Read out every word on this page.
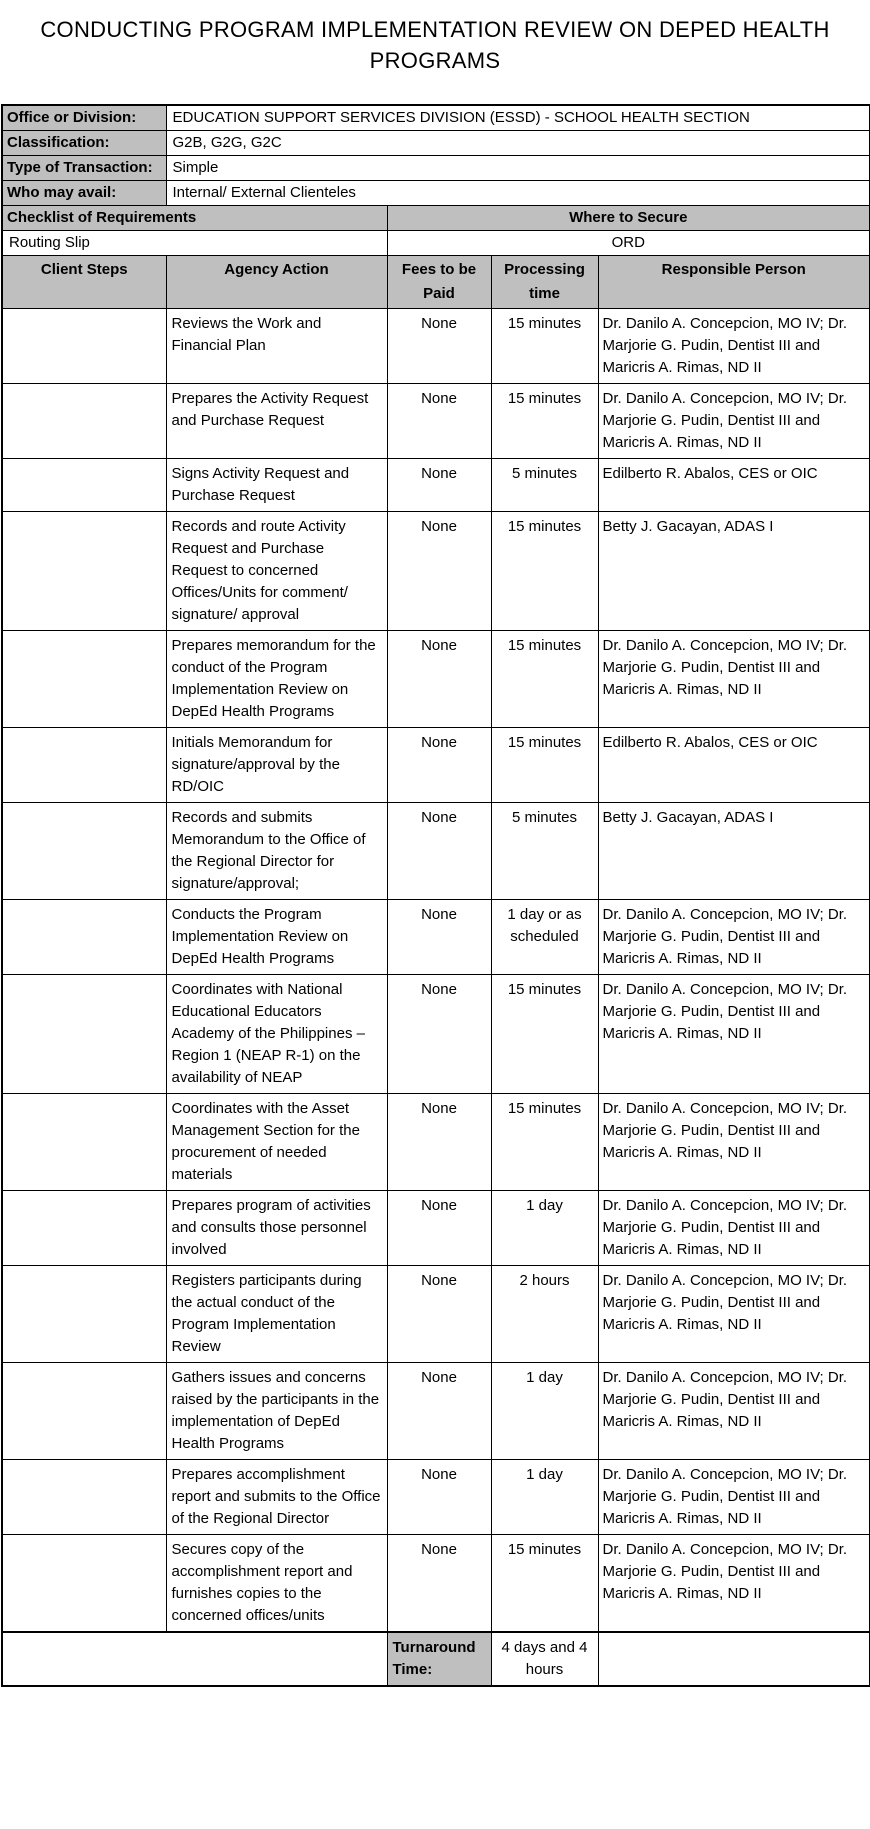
CONDUCTING PROGRAM IMPLEMENTATION REVIEW ON DEPED HEALTH PROGRAMS
Office or Division:	EDUCATION SUPPORT SERVICES DIVISION (ESSD) - SCHOOL HEALTH SECTION			
Classification:	G2B, G2G, G2C			
Type of Transaction:	Simple			
Who may avail:	Internal/ External Clienteles			
Checklist of Requirements		Where to Secure		
Routing Slip		ORD		
Client Steps	Agency Action	Fees to be Paid	Processing time	Responsible Person
	Reviews the Work and Financial Plan	None	15 minutes	Dr. Danilo A. Concepcion, MO IV; Dr. Marjorie G. Pudin, Dentist III and Maricris A. Rimas, ND II
	Prepares the Activity Request and Purchase Request	None	15 minutes	Dr. Danilo A. Concepcion, MO IV; Dr. Marjorie G. Pudin, Dentist III and Maricris A. Rimas, ND II
	Signs Activity Request and Purchase Request	None	5 minutes	Edilberto R. Abalos, CES or OIC
	Records and route Activity Request and Purchase Request to concerned Offices/Units for comment/ signature/ approval	None	15 minutes	Betty J. Gacayan, ADAS I
	Prepares memorandum for the conduct of the Program Implementation Review on DepEd Health Programs	None	15 minutes	Dr. Danilo A. Concepcion, MO IV; Dr. Marjorie G. Pudin, Dentist III and Maricris A. Rimas, ND II
	Initials Memorandum for signature/approval by the RD/OIC	None	15 minutes	Edilberto R. Abalos, CES or OIC
	Records and submits Memorandum to the Office of the Regional Director for signature/approval;	None	5 minutes	Betty J. Gacayan, ADAS I
	Conducts the Program Implementation Review on DepEd Health Programs	None	1 day or as scheduled	Dr. Danilo A. Concepcion, MO IV; Dr. Marjorie G. Pudin, Dentist III and Maricris A. Rimas, ND II
	Coordinates with National Educational Educators Academy of the Philippines – Region 1 (NEAP R-1) on the availability of NEAP	None	15 minutes	Dr. Danilo A. Concepcion, MO IV; Dr. Marjorie G. Pudin, Dentist III and Maricris A. Rimas, ND II
	Coordinates with the Asset Management Section for the procurement of needed materials	None	15 minutes	Dr. Danilo A. Concepcion, MO IV; Dr. Marjorie G. Pudin, Dentist III and Maricris A. Rimas, ND II
	Prepares program of activities and consults those personnel involved	None	1 day	Dr. Danilo A. Concepcion, MO IV; Dr. Marjorie G. Pudin, Dentist III and Maricris A. Rimas, ND II
	Registers participants during the actual conduct of the Program Implementation Review	None	2 hours	Dr. Danilo A. Concepcion, MO IV; Dr. Marjorie G. Pudin, Dentist III and Maricris A. Rimas, ND II
	Gathers issues and concerns raised by the participants in the implementation of DepEd Health Programs	None	1 day	Dr. Danilo A. Concepcion, MO IV; Dr. Marjorie G. Pudin, Dentist III and Maricris A. Rimas, ND II
	Prepares accomplishment report and submits to the Office of the Regional Director	None	1 day	Dr. Danilo A. Concepcion, MO IV; Dr. Marjorie G. Pudin, Dentist III and Maricris A. Rimas, ND II
	Secures copy of the accomplishment report and furnishes copies to the concerned offices/units	None	15 minutes	Dr. Danilo A. Concepcion, MO IV; Dr. Marjorie G. Pudin, Dentist III and Maricris A. Rimas, ND II
		Turnaround Time:	4 days and 4 hours	
